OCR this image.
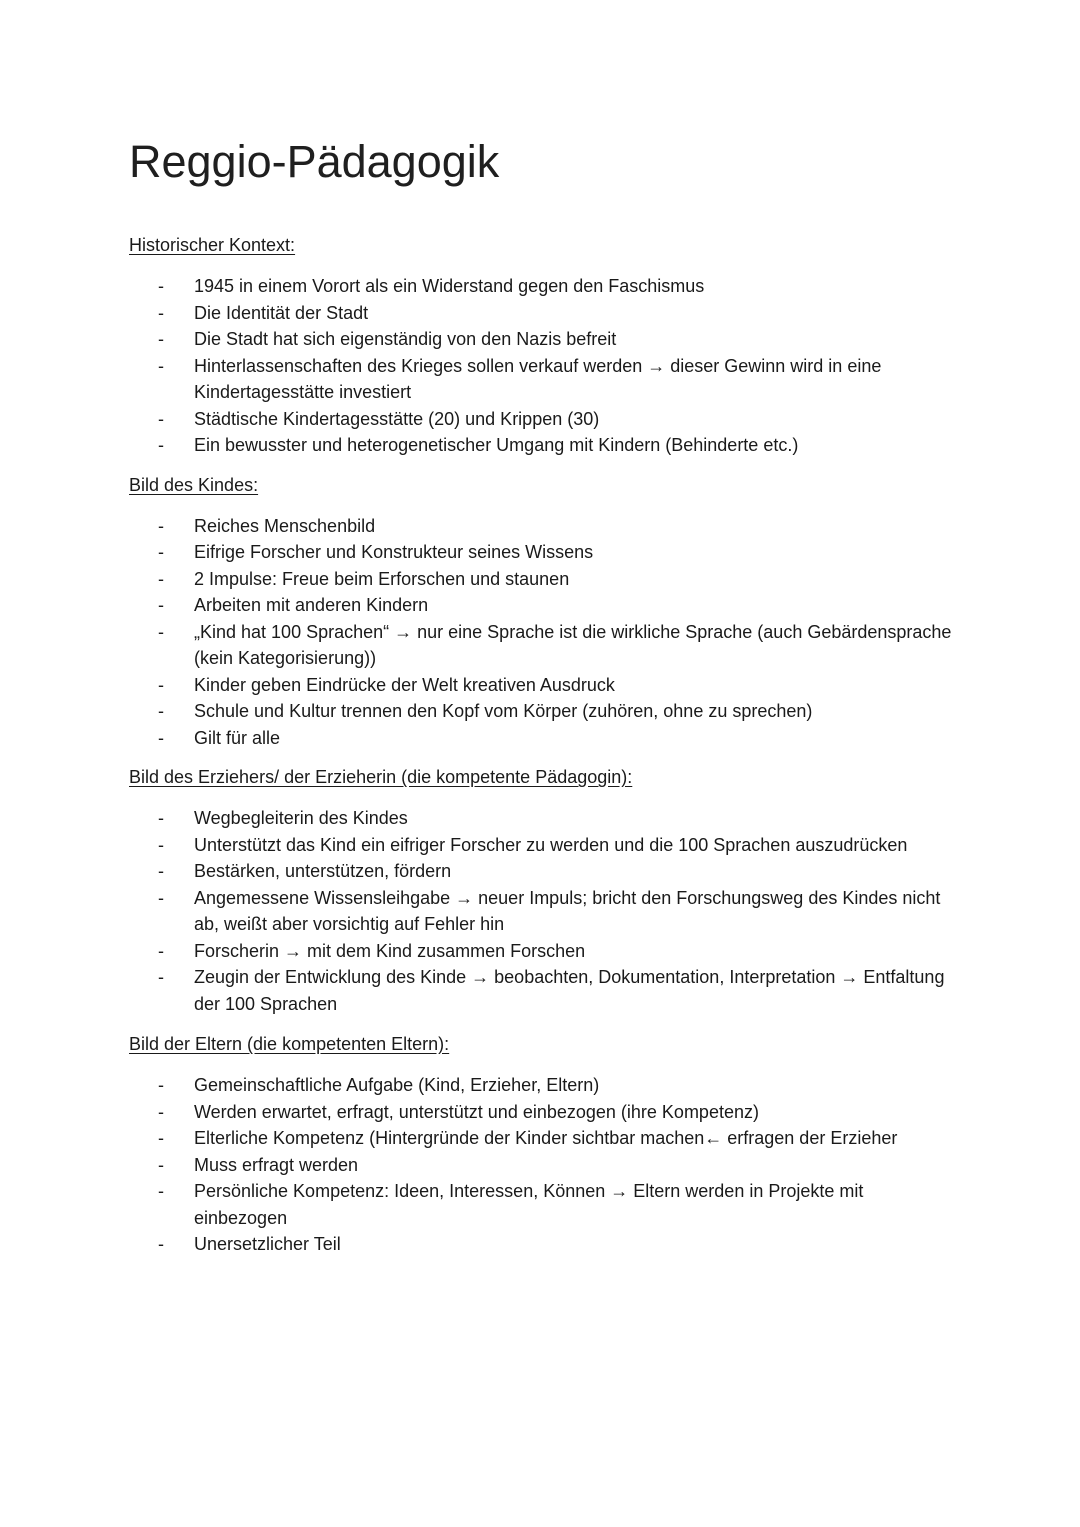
Reggio-Pädagogik
Historischer Kontext:
-	1945 in einem Vorort als ein Widerstand gegen den Faschismus
-	Die Identität der Stadt
-	Die Stadt hat sich eigenständig von den Nazis befreit
-	Hinterlassenschaften des Krieges sollen verkauf werden → dieser Gewinn wird in eine Kindertagesstätte investiert
-	Städtische Kindertagesstätte (20) und Krippen (30)
-	Ein bewusster und heterogenetischer Umgang mit Kindern (Behinderte etc.)
Bild des Kindes:
-	Reiches Menschenbild
-	Eifrige Forscher und Konstrukteur seines Wissens
-	2 Impulse: Freue beim Erforschen und staunen
-	Arbeiten mit anderen Kindern
-	„Kind hat 100 Sprachen“ → nur eine Sprache ist die wirkliche Sprache (auch Gebärdensprache (kein Kategorisierung))
-	Kinder geben Eindrücke der Welt kreativen Ausdruck
-	Schule und Kultur trennen den Kopf vom Körper (zuhören, ohne zu sprechen)
-	Gilt für alle
Bild des Erziehers/ der Erzieherin (die kompetente Pädagogin):
-	Wegbegleiterin des Kindes
-	Unterstützt das Kind ein eifriger Forscher zu werden und die 100 Sprachen auszudrücken
-	Bestärken, unterstützen, fördern
-	Angemessene Wissensleihgabe → neuer Impuls; bricht den Forschungsweg des Kindes nicht ab, weißt aber vorsichtig auf Fehler hin
-	Forscherin → mit dem Kind zusammen Forschen
-	Zeugin der Entwicklung des Kinde → beobachten, Dokumentation, Interpretation → Entfaltung der 100 Sprachen
Bild der Eltern (die kompetenten Eltern):
-	Gemeinschaftliche Aufgabe (Kind, Erzieher, Eltern)
-	Werden erwartet, erfragt, unterstützt und einbezogen (ihre Kompetenz)
-	Elterliche Kompetenz (Hintergründe der Kinder sichtbar machen← erfragen der Erzieher
-	Muss erfragt werden
-	Persönliche Kompetenz: Ideen, Interessen, Können → Eltern werden in Projekte mit einbezogen
-	Unersetzlicher Teil
